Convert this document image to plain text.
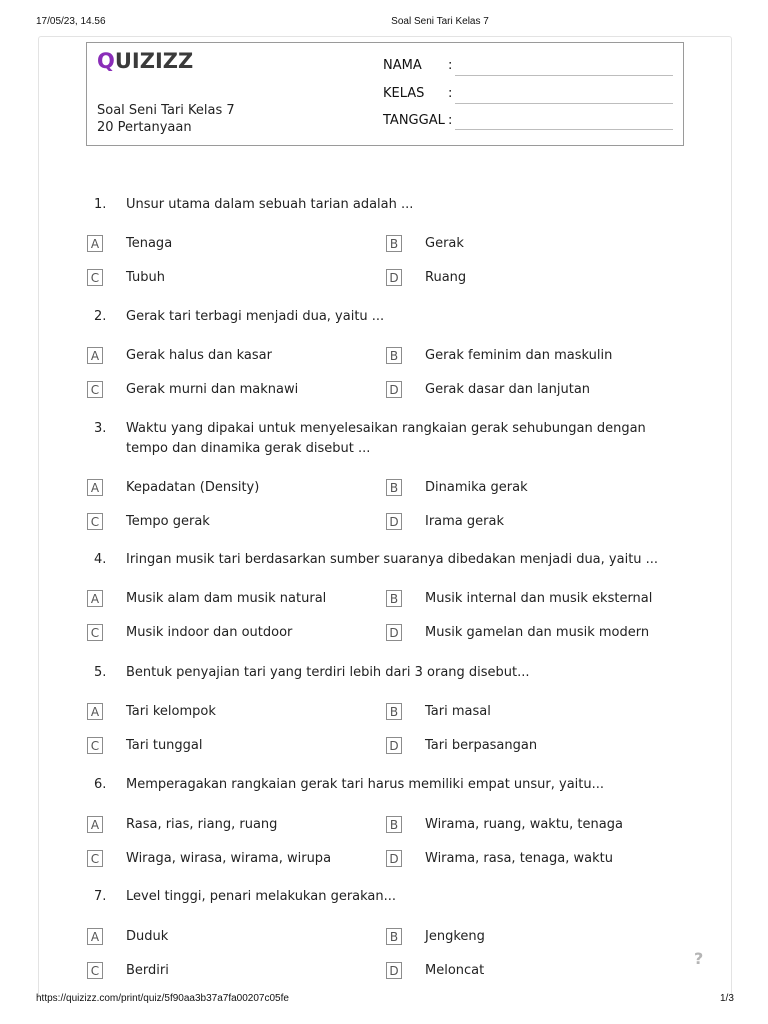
17/05/23, 14.56	Soal Seni Tari Kelas 7
QUIZIZZ
Soal Seni Tari Kelas 7
20 Pertanyaan
NAMA :
KELAS :
TANGGAL :
1. Unsur utama dalam sebuah tarian adalah ...
A Tenaga	B Gerak
C Tubuh	D Ruang
2. Gerak tari terbagi menjadi dua, yaitu ...
A Gerak halus dan kasar	B Gerak feminim dan maskulin
C Gerak murni dan maknawi	D Gerak dasar dan lanjutan
3. Waktu yang dipakai untuk menyelesaikan rangkaian gerak sehubungan dengan tempo dan dinamika gerak disebut ...
A Kepadatan (Density)	B Dinamika gerak
C Tempo gerak	D Irama gerak
4. Iringan musik tari berdasarkan sumber suaranya dibedakan menjadi dua, yaitu ...
A Musik alam dam musik natural	B Musik internal dan musik eksternal
C Musik indoor dan outdoor	D Musik gamelan dan musik modern
5. Bentuk penyajian tari yang terdiri lebih dari 3 orang disebut...
A Tari kelompok	B Tari masal
C Tari tunggal	D Tari berpasangan
6. Memperagakan rangkaian gerak tari harus memiliki empat unsur, yaitu...
A Rasa, rias, riang, ruang	B Wirama, ruang, waktu, tenaga
C Wiraga, wirasa, wirama, wirupa	D Wirama, rasa, tenaga, waktu
7. Level tinggi, penari melakukan gerakan...
A Duduk	B Jengkeng
C Berdiri	D Meloncat
?
https://quizizz.com/print/quiz/5f90aa3b37a7fa00207c05fe	1/3
